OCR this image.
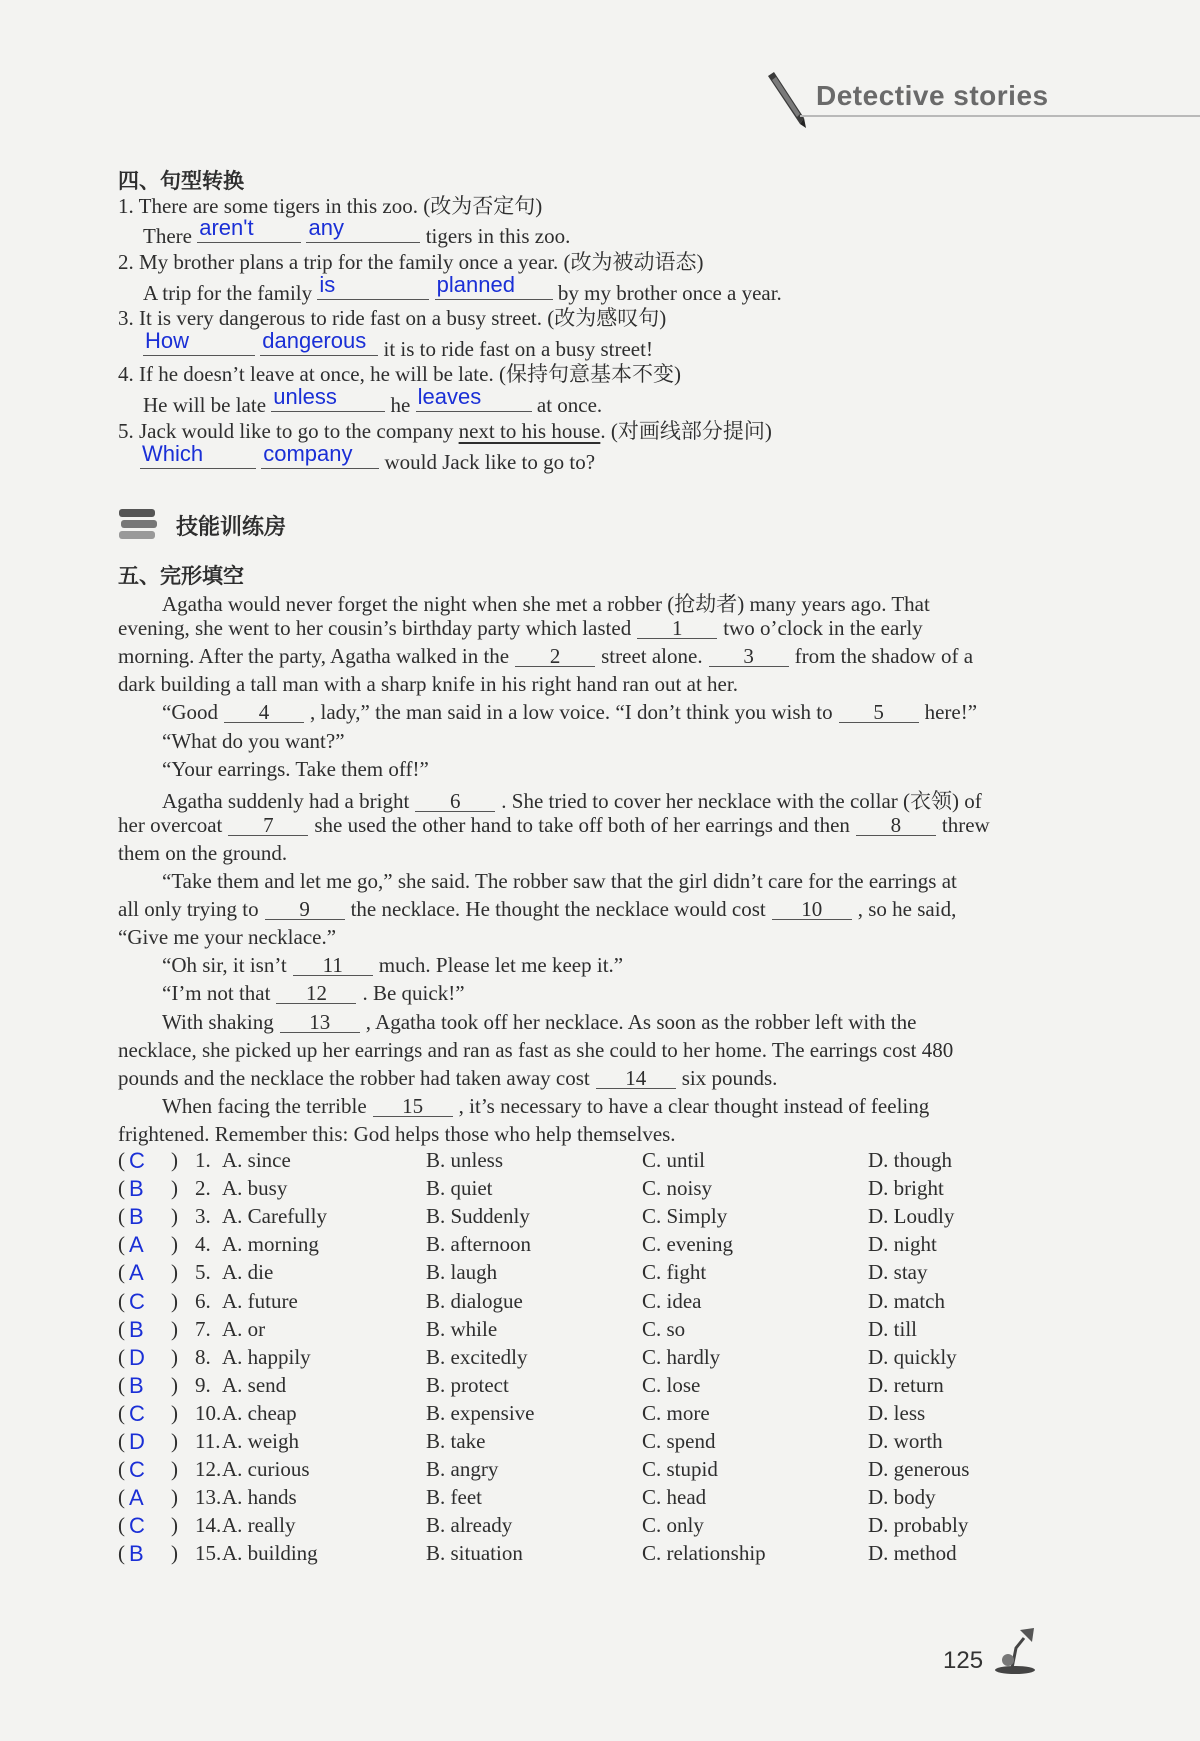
Detective stories
四、句型转换
1. There are some tigers in this zoo. (改为否定句)
There aren't
any	tigers in this zoo.
2. My brother plans a trip for the family once a year. (改为被动语态)
A trip for the family is
	planned by my brother once a year.
3. It is very dangerous to ride fast on a busy street. (改为感叹句)
How
	dangerous it is to ride fast on a busy street!
4. If he doesn’t leave at once, he will be late. (保持句意基本不变)
He will be late unless	he leaves	at once.
5. Jack would like to go to the company next to his house. (对画线部分提问)
Which
	company would Jack like to go to?
技能训练房
五、完形填空
Agatha would never forget the night when she met a robber (抢劫者) many years ago. That
evening, she went to her cousin’s birthday party which lasted 1 two o’clock in the early
morning. After the party, Agatha walked in the 2 street alone. 3 from the shadow of a
dark building a tall man with a sharp knife in his right hand ran out at her.
“Good 4 , lady,” the man said in a low voice. “I don’t think you wish to 5 here!”
“What do you want?”
“Your earrings. Take them off!”
Agatha suddenly had a bright 6 . She tried to cover her necklace with the collar (衣领) of
her overcoat 7 she used the other hand to take off both of her earrings and then 8 threw
them on the ground.
“Take them and let me go,” she said. The robber saw that the girl didn’t care for the earrings at
all only trying to 9 the necklace. He thought the necklace would cost 10 , so he said,
“Give me your necklace.”
“Oh sir, it isn’t 11 much. Please let me keep it.”
“I’m not that 12 . Be quick!”
With shaking 13 , Agatha took off her necklace. As soon as the robber left with the
necklace, she picked up her earrings and ran as fast as she could to her home. The earrings cost 480
pounds and the necklace the robber had taken away cost 14 six pounds.
When facing the terrible 15 , it’s necessary to have a clear thought instead of feeling
frightened. Remember this: God helps those who help themselves.
( C ) 1. A. since	B. unless	C. until	D. though
( B ) 2. A. busy	B. quiet	C. noisy	D. bright
( B ) 3. A. Carefully	B. Suddenly	C. Simply	D. Loudly
( A ) 4. A. morning	B. afternoon	C. evening	D. night
( A ) 5. A. die	B. laugh	C. fight	D. stay
( C ) 6. A. future	B. dialogue	C. idea	D. match
( B ) 7. A. or	B. while	C. so	D. till
( D ) 8. A. happily	B. excitedly	C. hardly	D. quickly
( B ) 9. A. send	B. protect	C. lose	D. return
( C ) 10. A. cheap	B. expensive	C. more	D. less
( D ) 11. A. weigh	B. take	C. spend	D. worth
( C ) 12. A. curious	B. angry	C. stupid	D. generous
( A ) 13. A. hands	B. feet	C. head	D. body
( C ) 14. A. really	B. already	C. only	D. probably
( B ) 15. A. building	B. situation	C. relationship	D. method
125
